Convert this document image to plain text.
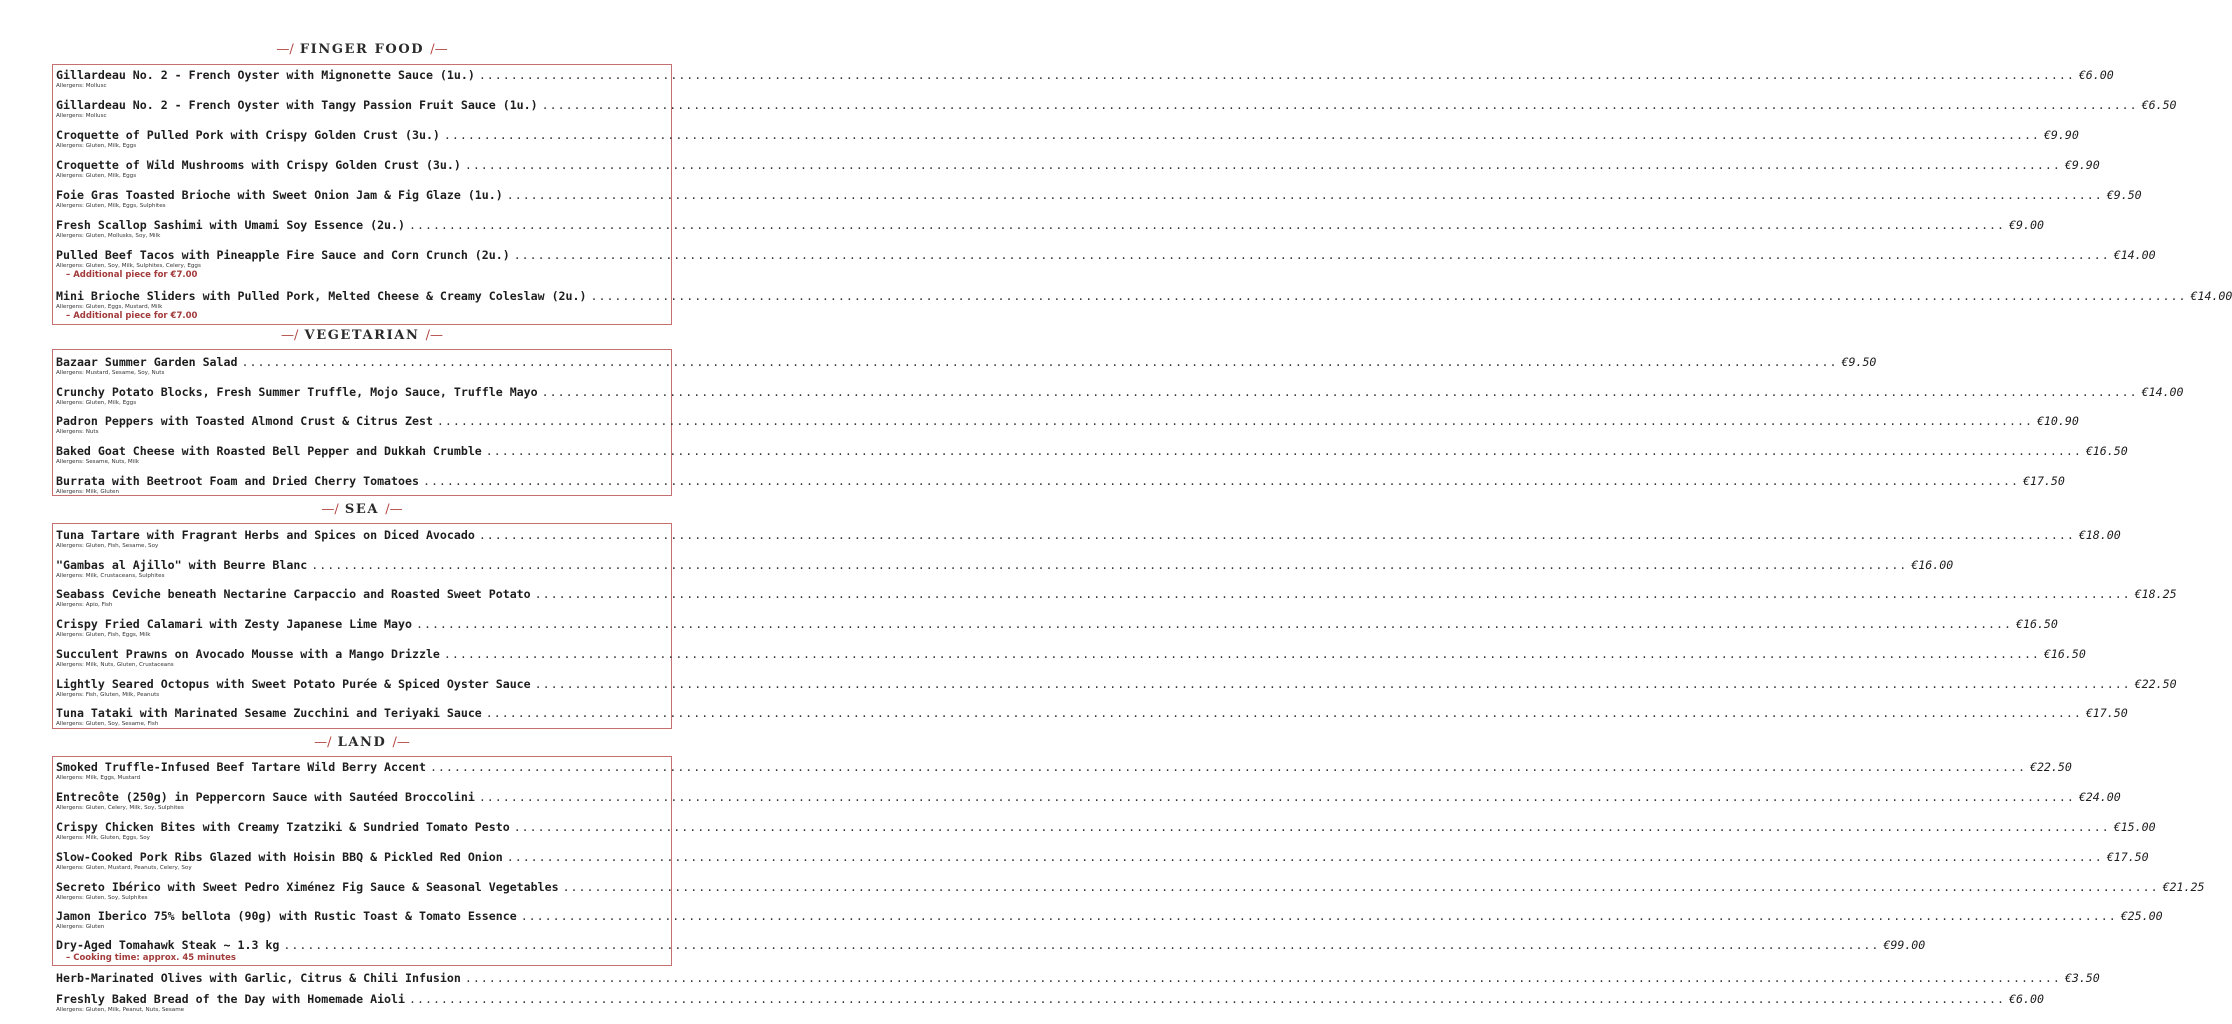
—/ FINGER FOOD /—
Gillardeau No. 2 - French Oyster with Mignonette Sauce (1u.) ........................................................................................................................................................................................................ €6.00
Allergens: Mollusc
Gillardeau No. 2 - French Oyster with Tangy Passion Fruit Sauce (1u.) ........................................................................................................................................................................................................ €6.50
Allergens: Mollusc
Croquette of Pulled Pork with Crispy Golden Crust (3u.) ........................................................................................................................................................................................................ €9.90
Allergens: Gluten, Milk, Eggs
Croquette of Wild Mushrooms with Crispy Golden Crust (3u.) ........................................................................................................................................................................................................ €9.90
Allergens: Gluten, Milk, Eggs
Foie Gras Toasted Brioche with Sweet Onion Jam & Fig Glaze (1u.) ........................................................................................................................................................................................................ €9.50
Allergens: Gluten, Milk, Eggs, Sulphites
Fresh Scallop Sashimi with Umami Soy Essence (2u.) ........................................................................................................................................................................................................ €9.00
Allergens: Gluten, Mollusks, Soy, Milk
Pulled Beef Tacos with Pineapple Fire Sauce and Corn Crunch (2u.) ........................................................................................................................................................................................................ €14.00
Allergens: Gluten, Soy, Milk, Sulphites, Celery, Eggs
– Additional piece for €7.00
Mini Brioche Sliders with Pulled Pork, Melted Cheese & Creamy Coleslaw (2u.) ........................................................................................................................................................................................................ €14.00
Allergens: Gluten, Eggs, Mustard, Milk
– Additional piece for €7.00
—/ VEGETARIAN /—
Bazaar Summer Garden Salad ........................................................................................................................................................................................................ €9.50
Allergens: Mustard, Sesame, Soy, Nuts
Crunchy Potato Blocks, Fresh Summer Truffle, Mojo Sauce, Truffle Mayo ........................................................................................................................................................................................................ €14.00
Allergens: Gluten, Milk, Eggs
Padron Peppers with Toasted Almond Crust & Citrus Zest ........................................................................................................................................................................................................ €10.90
Allergens: Nuts
Baked Goat Cheese with Roasted Bell Pepper and Dukkah Crumble ........................................................................................................................................................................................................ €16.50
Allergens: Sesame, Nuts, Milk
Burrata with Beetroot Foam and Dried Cherry Tomatoes ........................................................................................................................................................................................................ €17.50
Allergens: Milk, Gluten
—/ SEA /—
Tuna Tartare with Fragrant Herbs and Spices on Diced Avocado ........................................................................................................................................................................................................ €18.00
Allergens: Gluten, Fish, Sesame, Soy
"Gambas al Ajillo" with Beurre Blanc ........................................................................................................................................................................................................ €16.00
Allergens: Milk, Crustaceans, Sulphites
Seabass Ceviche beneath Nectarine Carpaccio and Roasted Sweet Potato ........................................................................................................................................................................................................ €18.25
Allergens: Apio, Fish
Crispy Fried Calamari with Zesty Japanese Lime Mayo ........................................................................................................................................................................................................ €16.50
Allergens: Gluten, Fish, Eggs, Milk
Succulent Prawns on Avocado Mousse with a Mango Drizzle ........................................................................................................................................................................................................ €16.50
Allergens: Milk, Nuts, Gluten, Crustaceans
Lightly Seared Octopus with Sweet Potato Purée & Spiced Oyster Sauce ........................................................................................................................................................................................................ €22.50
Allergens: Fish, Gluten, Milk, Peanuts
Tuna Tataki with Marinated Sesame Zucchini and Teriyaki Sauce ........................................................................................................................................................................................................ €17.50
Allergens: Gluten, Soy, Sesame, Fish
—/ LAND /—
Smoked Truffle-Infused Beef Tartare Wild Berry Accent ........................................................................................................................................................................................................ €22.50
Allergens: Milk, Eggs, Mustard
Entrecôte (250g) in Peppercorn Sauce with Sautéed Broccolini ........................................................................................................................................................................................................ €24.00
Allergens: Gluten, Celery, Milk, Soy, Sulphites
Crispy Chicken Bites with Creamy Tzatziki & Sundried Tomato Pesto ........................................................................................................................................................................................................ €15.00
Allergens: Milk, Gluten, Eggs, Soy
Slow-Cooked Pork Ribs Glazed with Hoisin BBQ & Pickled Red Onion ........................................................................................................................................................................................................ €17.50
Allergens: Gluten, Mustard, Peanuts, Celery, Soy
Secreto Ibérico with Sweet Pedro Ximénez Fig Sauce & Seasonal Vegetables ........................................................................................................................................................................................................ €21.25
Allergens: Gluten, Soy, Sulphites
Jamon Iberico 75% bellota (90g) with Rustic Toast & Tomato Essence ........................................................................................................................................................................................................ €25.00
Allergens: Gluten
Dry-Aged Tomahawk Steak ~ 1.3 kg ........................................................................................................................................................................................................ €99.00
– Cooking time: approx. 45 minutes
Herb-Marinated Olives with Garlic, Citrus & Chili Infusion ........................................................................................................................................................................................................ €3.50
Freshly Baked Bread of the Day with Homemade Aioli ........................................................................................................................................................................................................ €6.00
Allergens: Gluten, Milk, Peanut, Nuts, Sesame
